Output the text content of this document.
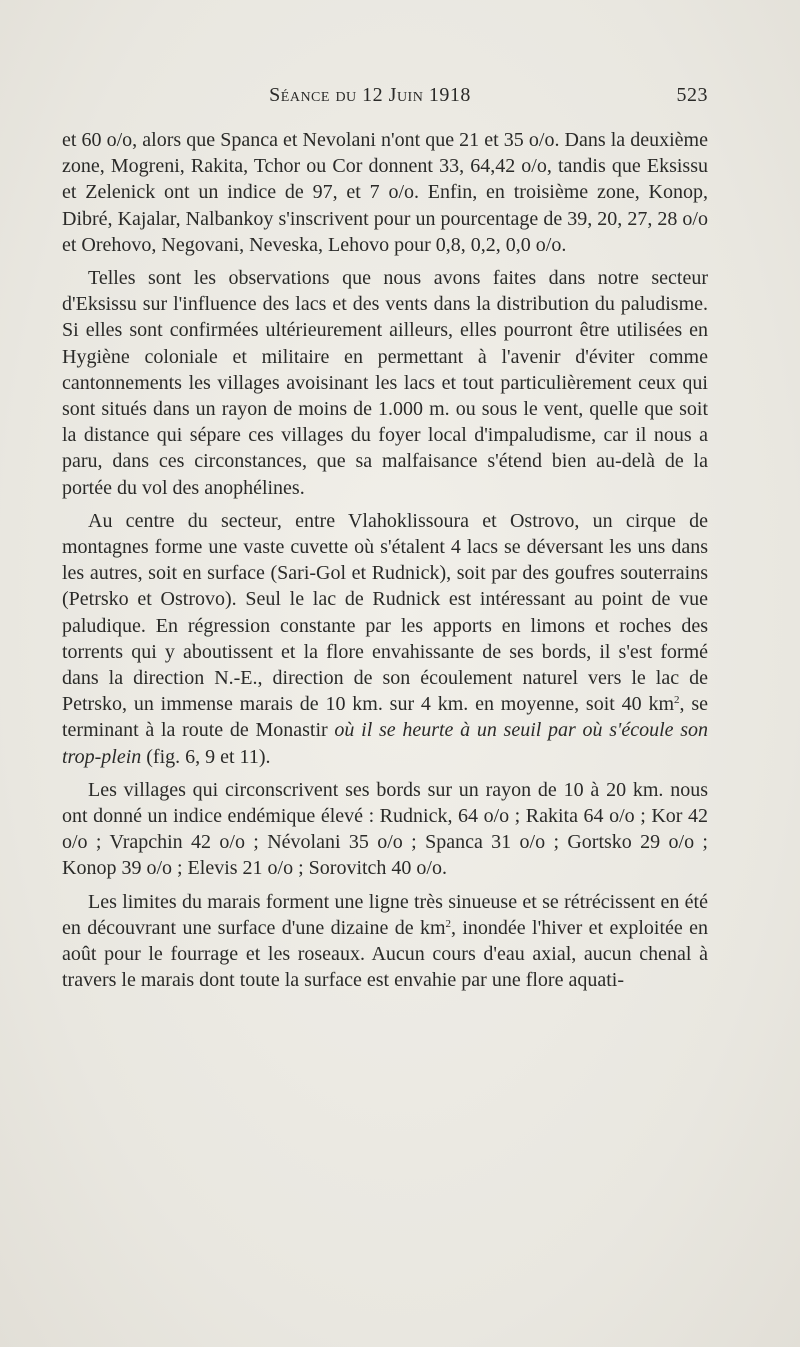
Séance du 12 Juin 1918	523

et 60 o/o, alors que Spanca et Nevolani n'ont que 21 et 35 o/o. Dans la deuxième zone, Mogreni, Rakita, Tchor ou Cor donnent 33, 64,42 o/o, tandis que Eksissu et Zelenick ont un indice de 97, et 7 o/o. Enfin, en troisième zone, Konop, Dibré, Kajalar, Nalbankoy s'inscrivent pour un pourcentage de 39, 20, 27, 28 o/o et Orehovo, Negovani, Neveska, Lehovo pour 0,8, 0,2, 0,0 o/o.

Telles sont les observations que nous avons faites dans notre secteur d'Eksissu sur l'influence des lacs et des vents dans la distribution du paludisme. Si elles sont confirmées ultérieurement ailleurs, elles pourront être utilisées en Hygiène coloniale et militaire en permettant à l'avenir d'éviter comme cantonnements les villages avoisinant les lacs et tout particulièrement ceux qui sont situés dans un rayon de moins de 1.000 m. ou sous le vent, quelle que soit la distance qui sépare ces villages du foyer local d'impaludisme, car il nous a paru, dans ces circonstances, que sa malfaisance s'étend bien au-delà de la portée du vol des anophélines.

Au centre du secteur, entre Vlahoklissoura et Ostrovo, un cirque de montagnes forme une vaste cuvette où s'étalent 4 lacs se déversant les uns dans les autres, soit en surface (Sari-Gol et Rudnick), soit par des goufres souterrains (Petrsko et Ostrovo). Seul le lac de Rudnick est intéressant au point de vue paludique. En régression constante par les apports en limons et roches des torrents qui y aboutissent et la flore envahissante de ses bords, il s'est formé dans la direction N.-E., direction de son écoulement naturel vers le lac de Petrsko, un immense marais de 10 km. sur 4 km. en moyenne, soit 40 $km^2$, se terminant à la route de Monastir où il se heurte à un seuil par où s'écoule son trop-plein (fig. 6, 9 et 11).

Les villages qui circonscrivent ses bords sur un rayon de 10 à 20 km. nous ont donné un indice endémique élevé : Rudnick, 64 o/o ; Rakita 64 o/o ; Kor 42 o/o ; Vrapchin 42 o/o ; Névolani 35 o/o ; Spanca 31 o/o ; Gortsko 29 o/o ; Konop 39 o/o ; Elevis 21 o/o ; Sorovitch 40 o/o.

Les limites du marais forment une ligne très sinueuse et se rétrécissent en été en découvrant une surface d'une dizaine de $km^2$, inondée l'hiver et exploitée en août pour le fourrage et les roseaux. Aucun cours d'eau axial, aucun chenal à travers le marais dont toute la surface est envahie par une flore aquati-
